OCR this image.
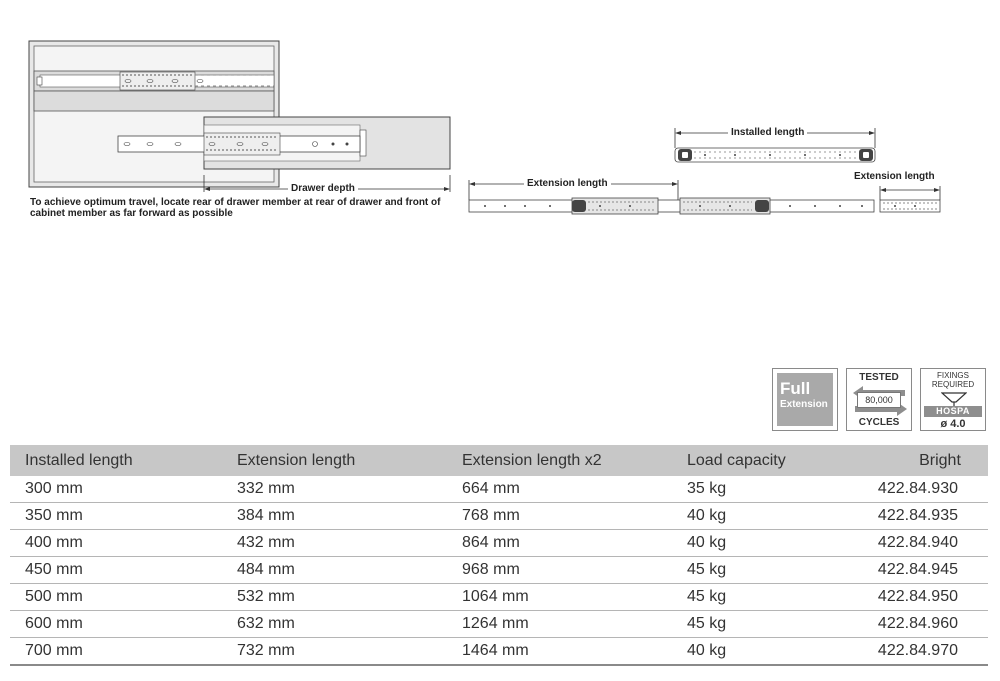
Drawer depth
Installed length
Extension length
Extension length
To achieve optimum travel, locate rear of drawer member at rear of drawer and front of cabinet member as far forward as possible
Full
Extension
TESTED
80,000
CYCLES
FIXINGS REQUIRED
HOSPA
ø 4.0
Installed length	Extension length	Extension length x2	Load capacity	Bright
300 mm	332 mm	664 mm	35 kg	422.84.930
350 mm	384 mm	768 mm	40 kg	422.84.935
400 mm	432 mm	864 mm	40 kg	422.84.940
450 mm	484 mm	968 mm	45 kg	422.84.945
500 mm	532 mm	1064 mm	45 kg	422.84.950
600 mm	632 mm	1264 mm	45 kg	422.84.960
700 mm	732 mm	1464 mm	40 kg	422.84.970
